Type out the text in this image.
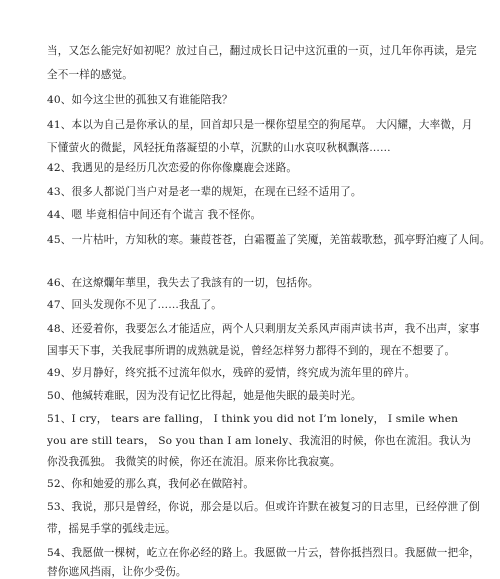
当，又怎么能完好如初呢？放过自己，翻过成长日记中这沉重的一页，过几年你再读，是完
全不一样的感觉。
40、如今这尘世的孤独又有谁能陪我？
41、本以为自己是你承认的星，回首却只是一棵你望星空的狗尾草。 大闪耀，大率微，月
下懂萤火的微髭，风轻抚角落凝望的小草，沉默的山水哀叹秋枫飘落……
42、我遇见的是经历几次恋爱的你你像麋鹿会迷路。
43、很多人都说门当户对是老一辈的规矩，在现在已经不适用了。
44、嗯 毕竟相信中间还有个谎言 我不怪你。
45、一片枯叶，方知秋的寒。蒹葭苍苍，白霜覆盖了笑魇，羌笛载歌愁，孤亭野泊瘦了人间。
46、在这燎爛年華里，我失去了我該有的一切，包括你。
47、回头发现你不见了……我乱了。
48、还爱着你，我要怎么才能适应，两个人只剩朋友关系风声雨声读书声，我不出声，家事
国事天下事，关我屁事所谓的成熟就是说，曾经怎样努力都得不到的，现在不想要了。
49、岁月静好，终究抵不过流年似水，残碎的爱情，终究成为流年里的碎片。
50、他缄转难眠，因为没有记忆比得起，她是他失眠的最美时光。
51、I cry， tears are falling， I think you did not I’m lonely， I smile when
you are still tears， So you than I am lonely、我流泪的时候，你也在流泪。我认为
你没我孤独。 我微笑的时候，你还在流泪。原来你比我寂寞。
52、你和她爱的那么真，我何必在做陪衬。
53、我说，那只是曾经，你说，那会是以后。但或许许默在被复习的日志里，已经停泄了倒
带，摇晃手掌的弧线走远。
54、我愿做一棵树，屹立在你必经的路上。我愿做一片云，替你抵挡烈日。我愿做一把伞，
替你遮风挡雨，让你少受伤。
